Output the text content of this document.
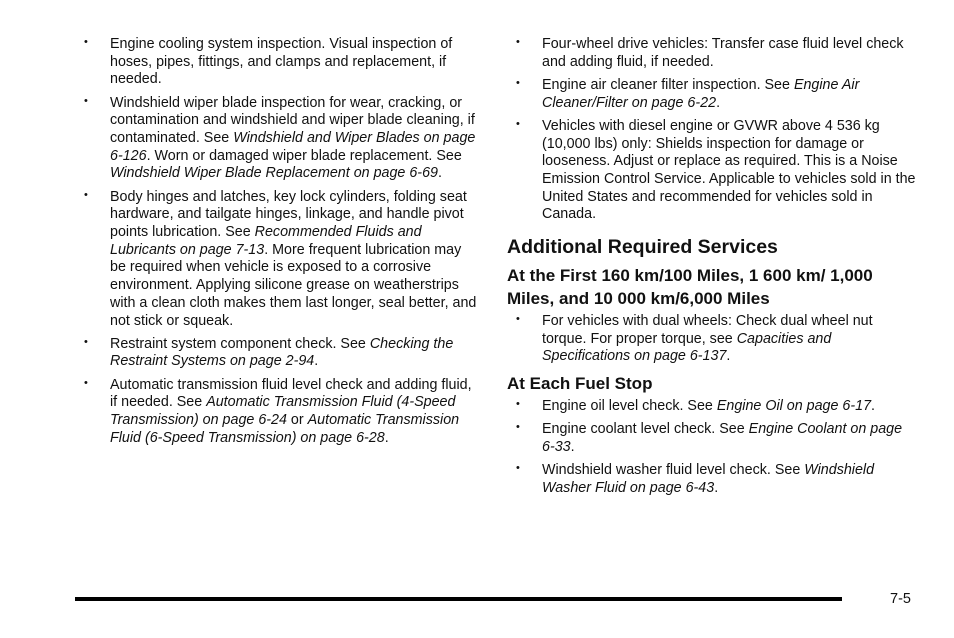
• Engine cooling system inspection. Visual inspection of hoses, pipes, fittings, and clamps and replacement, if needed.
• Windshield wiper blade inspection for wear, cracking, or contamination and windshield and wiper blade cleaning, if contaminated. See Windshield and Wiper Blades on page 6-126. Worn or damaged wiper blade replacement. See Windshield Wiper Blade Replacement on page 6-69.
• Body hinges and latches, key lock cylinders, folding seat hardware, and tailgate hinges, linkage, and handle pivot points lubrication. See Recommended Fluids and Lubricants on page 7-13. More frequent lubrication may be required when vehicle is exposed to a corrosive environment. Applying silicone grease on weatherstrips with a clean cloth makes them last longer, seal better, and not stick or squeak.
• Restraint system component check. See Checking the Restraint Systems on page 2-94.
• Automatic transmission fluid level check and adding fluid, if needed. See Automatic Transmission Fluid (4-Speed Transmission) on page 6-24 or Automatic Transmission Fluid (6-Speed Transmission) on page 6-28.
• Four-wheel drive vehicles: Transfer case fluid level check and adding fluid, if needed.
• Engine air cleaner filter inspection. See Engine Air Cleaner/Filter on page 6-22.
• Vehicles with diesel engine or GVWR above 4 536 kg (10,000 lbs) only: Shields inspection for damage or looseness. Adjust or replace as required. This is a Noise Emission Control Service. Applicable to vehicles sold in the United States and recommended for vehicles sold in Canada.
Additional Required Services
At the First 160 km/100 Miles, 1 600 km/ 1,000 Miles, and 10 000 km/6,000 Miles
• For vehicles with dual wheels: Check dual wheel nut torque. For proper torque, see Capacities and Specifications on page 6-137.
At Each Fuel Stop
• Engine oil level check. See Engine Oil on page 6-17.
• Engine coolant level check. See Engine Coolant on page 6-33.
• Windshield washer fluid level check. See Windshield Washer Fluid on page 6-43.
7-5
